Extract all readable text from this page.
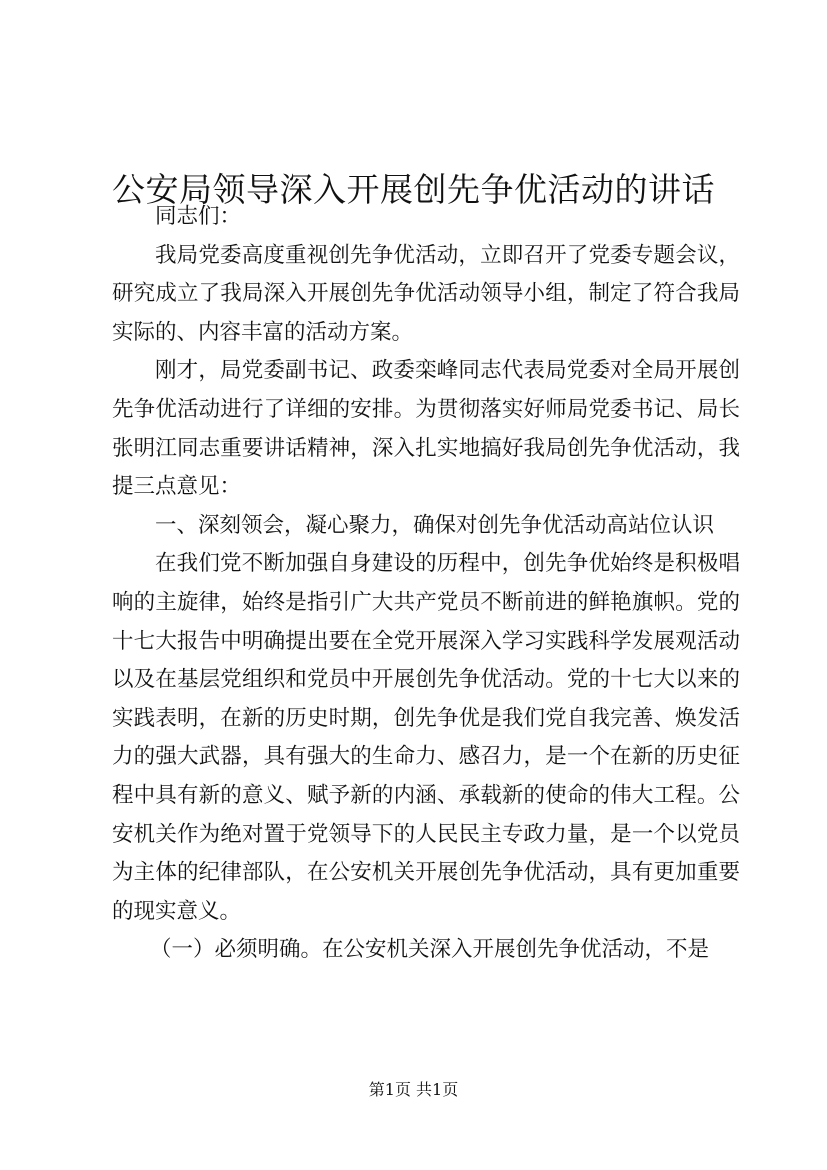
公安局领导深入开展创先争优活动的讲话

同志们：

我局党委高度重视创先争优活动，立即召开了党委专题会议，研究成立了我局深入开展创先争优活动领导小组，制定了符合我局实际的、内容丰富的活动方案。

刚才，局党委副书记、政委栾峰同志代表局党委对全局开展创先争优活动进行了详细的安排。为贯彻落实好师局党委书记、局长张明江同志重要讲话精神，深入扎实地搞好我局创先争优活动，我提三点意见：

一、深刻领会，凝心聚力，确保对创先争优活动高站位认识

在我们党不断加强自身建设的历程中，创先争优始终是积极唱响的主旋律，始终是指引广大共产党员不断前进的鲜艳旗帜。党的十七大报告中明确提出要在全党开展深入学习实践科学发展观活动以及在基层党组织和党员中开展创先争优活动。党的十七大以来的实践表明，在新的历史时期，创先争优是我们党自我完善、焕发活力的强大武器，具有强大的生命力、感召力，是一个在新的历史征程中具有新的意义、赋予新的内涵、承载新的使命的伟大工程。公安机关作为绝对置于党领导下的人民民主专政力量，是一个以党员为主体的纪律部队，在公安机关开展创先争优活动，具有更加重要的现实意义。

（一）必须明确。在公安机关深入开展创先争优活动，不是

第1页 共1页
